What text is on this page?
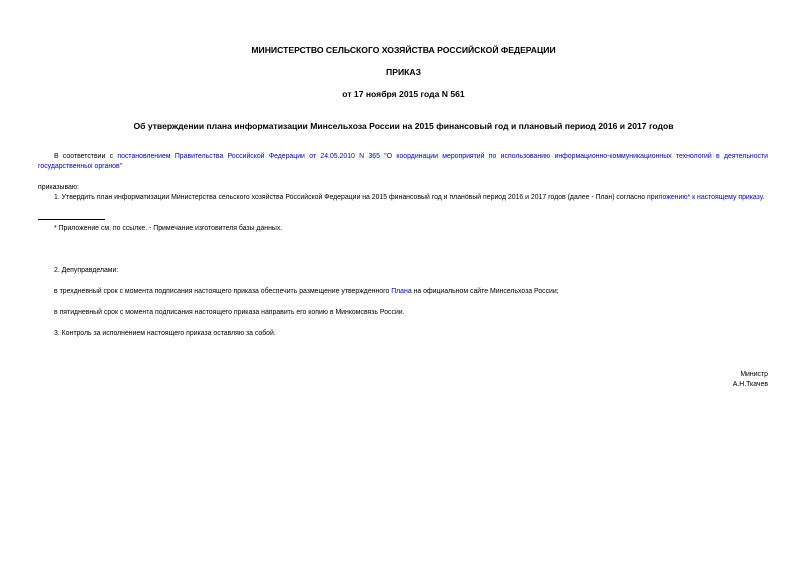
МИНИСТЕРСТВО СЕЛЬСКОГО ХОЗЯЙСТВА РОССИЙСКОЙ ФЕДЕРАЦИИ
ПРИКАЗ
от 17 ноября 2015 года N 561
Об утверждении плана информатизации Минсельхоза России на 2015 финансовый год и плановый период 2016 и 2017 годов
В соответствии с постановлением Правительства Российской Федерации от 24.05.2010 N 365 "О координации мероприятий по использованию информационно-коммуникационных технологий в деятельности государственных органов"
приказываю:
1. Утвердить план информатизации Министерства сельского хозяйства Российской Федерации на 2015 финансовый год и плановый период 2016 и 2017 годов (далее - План) согласно приложению* к настоящему приказу.
* Приложение см. по ссылке. - Примечание изготовителя базы данных.
2. Депуправделами:
в трехдневный срок с момента подписания настоящего приказа обеспечить размещение утвержденного Плана на официальном сайте Минсельхоза России;
в пятидневный срок с момента подписания настоящего приказа направить его копию в Минкомсвязь России.
3. Контроль за исполнением настоящего приказа оставляю за собой.
Министр
А.Н.Ткачев
